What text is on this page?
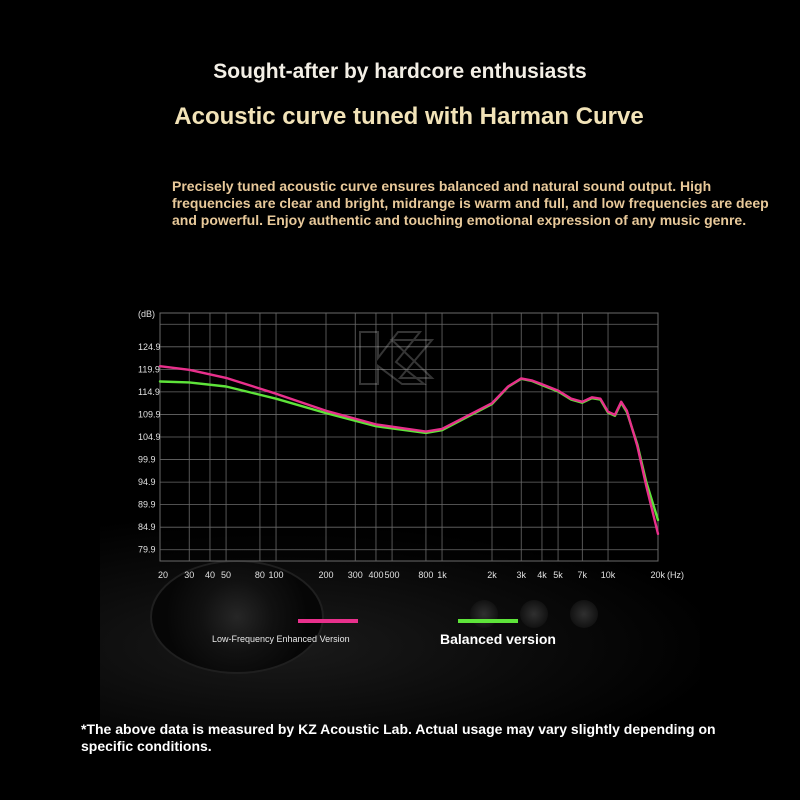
Sought-after by hardcore enthusiasts
Acoustic curve tuned with Harman Curve
Precisely tuned acoustic curve ensures balanced and natural sound output. High frequencies are clear and bright, midrange is warm and full, and low frequencies are deep and powerful. Enjoy authentic and touching emotional expression of any music genre.
(dB)
124.9
119.9
114.9
109.9
104.9
99.9
94.9
89.9
84.9
79.9
20 30 40 50	80 100	200 300 400 500 800 1k	2k 3k 4k 5k 7k 10k	20k (Hz)
Low-Frequency Enhanced Version	Balanced version
*The above data is measured by KZ Acoustic Lab. Actual usage may vary slightly depending on specific conditions.
